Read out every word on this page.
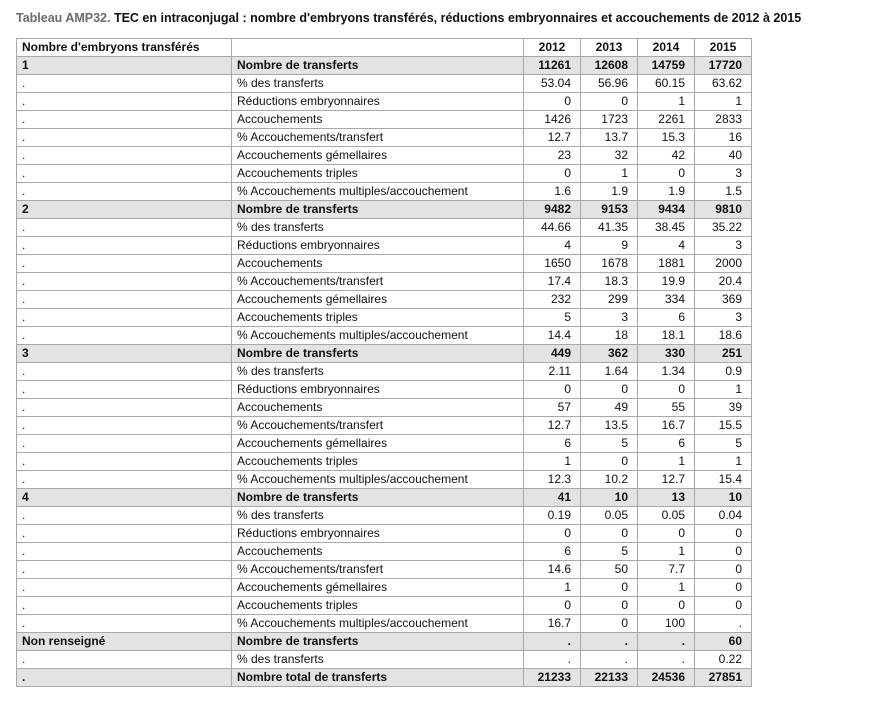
Tableau AMP32. TEC en intraconjugal : nombre d'embryons transférés, réductions embryonnaires et accouchements de 2012 à 2015
Nombre d'embryons transférés		2012	2013	2014	2015
1	Nombre de transferts	11261	12608	14759	17720
.	% des transferts	53.04	56.96	60.15	63.62
.	Réductions embryonnaires	0	0	1	1
.	Accouchements	1426	1723	2261	2833
.	% Accouchements/transfert	12.7	13.7	15.3	16
.	Accouchements gémellaires	23	32	42	40
.	Accouchements triples	0	1	0	3
.	% Accouchements multiples/accouchement	1.6	1.9	1.9	1.5
2	Nombre de transferts	9482	9153	9434	9810
.	% des transferts	44.66	41.35	38.45	35.22
.	Réductions embryonnaires	4	9	4	3
.	Accouchements	1650	1678	1881	2000
.	% Accouchements/transfert	17.4	18.3	19.9	20.4
.	Accouchements gémellaires	232	299	334	369
.	Accouchements triples	5	3	6	3
.	% Accouchements multiples/accouchement	14.4	18	18.1	18.6
3	Nombre de transferts	449	362	330	251
.	% des transferts	2.11	1.64	1.34	0.9
.	Réductions embryonnaires	0	0	0	1
.	Accouchements	57	49	55	39
.	% Accouchements/transfert	12.7	13.5	16.7	15.5
.	Accouchements gémellaires	6	5	6	5
.	Accouchements triples	1	0	1	1
.	% Accouchements multiples/accouchement	12.3	10.2	12.7	15.4
4	Nombre de transferts	41	10	13	10
.	% des transferts	0.19	0.05	0.05	0.04
.	Réductions embryonnaires	0	0	0	0
.	Accouchements	6	5	1	0
.	% Accouchements/transfert	14.6	50	7.7	0
.	Accouchements gémellaires	1	0	1	0
.	Accouchements triples	0	0	0	0
.	% Accouchements multiples/accouchement	16.7	0	100	.
Non renseigné	Nombre de transferts	.	.	.	60
.	% des transferts	.	.	.	0.22
.	Nombre total de transferts	21233	22133	24536	27851
